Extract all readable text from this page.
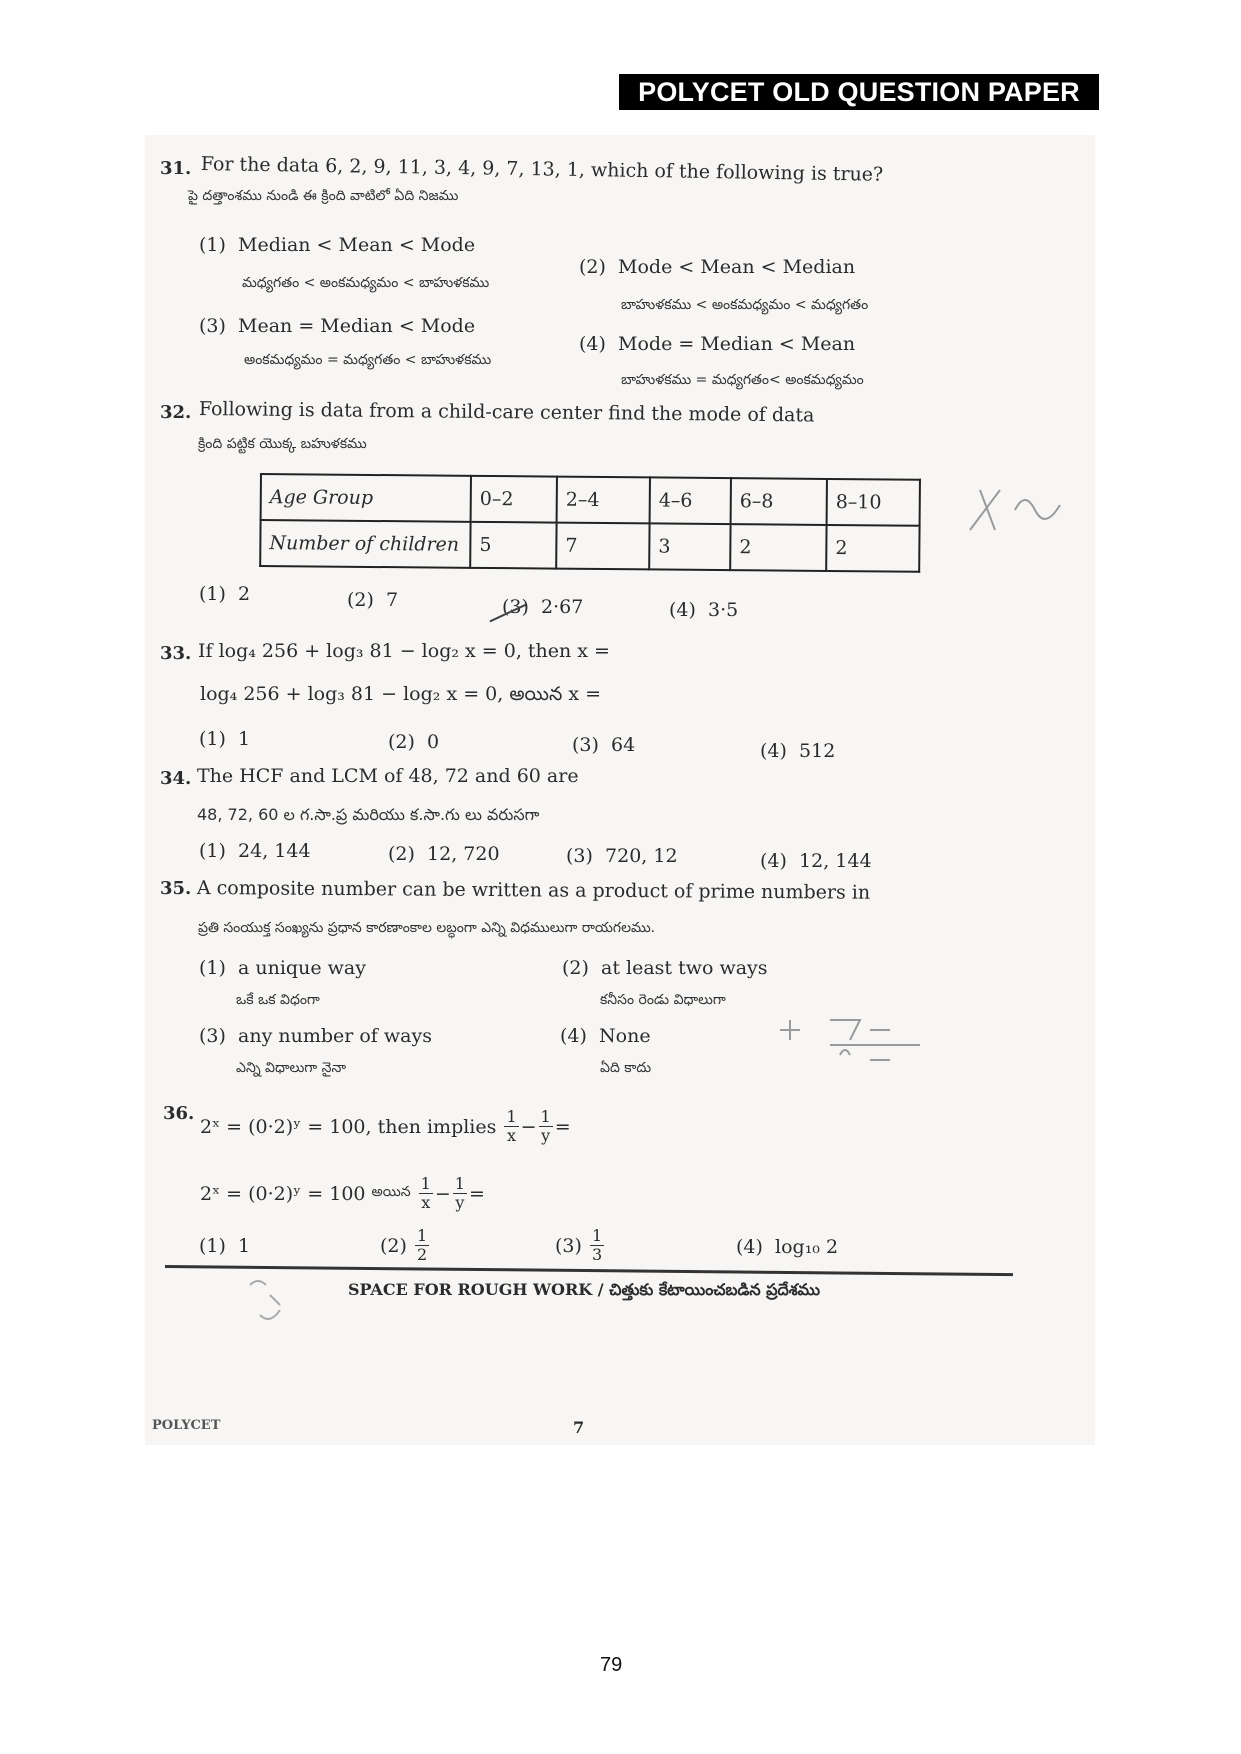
POLYCET OLD QUESTION PAPER
31. For the data 6, 2, 9, 11, 3, 4, 9, 7, 13, 1, which of the following is true?
పై దత్తాంశము నుండి ఈ క్రింది వాటిలో ఏది నిజము
(1) Median < Mean < Mode
మధ్యగతం < అంకమధ్యమం < బాహుళకము
(2) Mode < Mean < Median
బాహుళకము < అంకమధ్యమం < మధ్యగతం
(3) Mean = Median < Mode
అంకమధ్యమం = మధ్యగతం < బాహుళకము
(4) Mode = Median < Mean
బాహుళకము = మధ్యగతం< అంకమధ్యమం
32. Following is data from a child-care center find the mode of data
క్రింది పట్టిక యొక్క బహుళకము
Age Group	0–2	2–4	4–6	6–8	8–10
Number of children	5	7	3	2	2
(1) 2	(2) 7	(3) 2·67	(4) 3·5
33. If log₄ 256 + log₃ 81 − log₂ x = 0, then x =
log₄ 256 + log₃ 81 − log₂ x = 0, అయిన x =
(1) 1	(2) 0	(3) 64	(4) 512
34. The HCF and LCM of 48, 72 and 60 are
48, 72, 60 ల గ.సా.ప్ర మరియు క.సా.గు లు వరుసగా
(1) 24, 144	(2) 12, 720	(3) 720, 12	(4) 12, 144
35. A composite number can be written as a product of prime numbers in
ప్రతి సంయుక్త సంఖ్యను ప్రధాన కారణాంకాల లబ్ధంగా ఎన్ని విధములుగా రాయగలము.
(1) a unique way
ఒకే ఒక విధంగా
(2) at least two ways
కనీసం రెండు విధాలుగా
(3) any number of ways
ఎన్ని విధాలుగా నైనా
(4) None
ఏది కాదు
36.
2ˣ = (0·2)ʸ = 100 , then implies
$\frac{1}{x} - \frac{1}{y}$ =
2ˣ = (0·2)ʸ = 100
అయిన
$\frac{1}{x} - \frac{1}{y}$ =
(1) 1	(2)
$\frac{1}{2}$	(3)
$\frac{1}{3}$	(4) log₁₀ 2
SPACE FOR ROUGH WORK / చిత్తుకు కేటాయించబడిన ప్రదేశము
POLYCET	7
79
